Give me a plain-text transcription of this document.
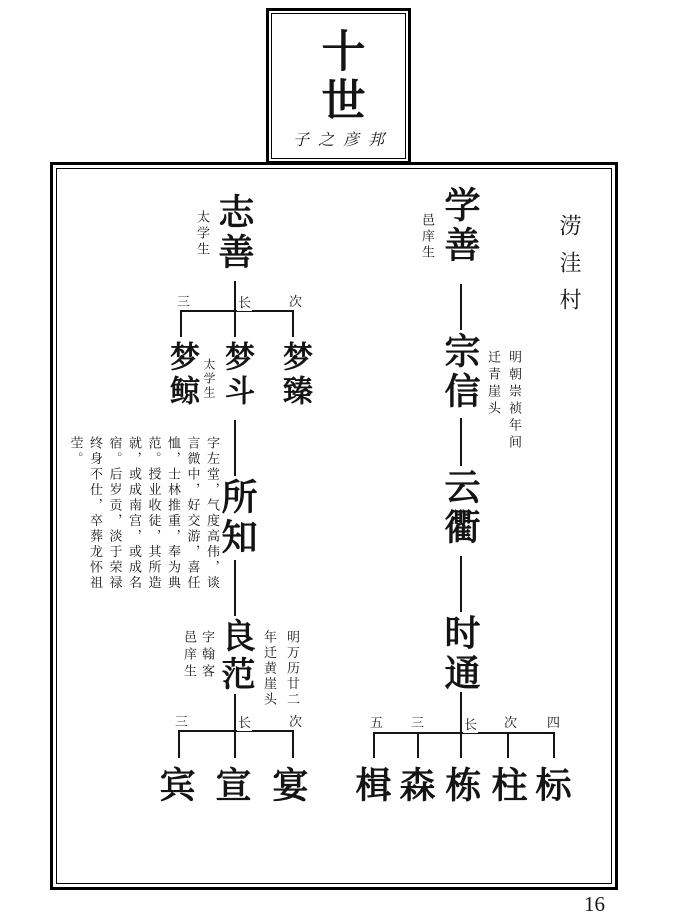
十世
子之彦邦
涝洼村
学善
邑庠生
宗信	明朝崇祯年间迁青崖头
云衢
时通
五 三	长 次 四
楫 森 栋 柱 标
志善
太学生
三	长	次
梦鲸 梦斗 梦臻
太学生
所知
字左堂，气度高伟，谈言微中，好交游，喜任恤，士林推重，奉为典范。授业收徒，其所造就，或成南宫，或成名宿。后岁贡，淡于荣禄终身不仕，卒葬龙怀祖茔。
良范
字翰客邑庠生	明万历廿二年迁黄崖头
三	长	次
宾 宣 宴
16
